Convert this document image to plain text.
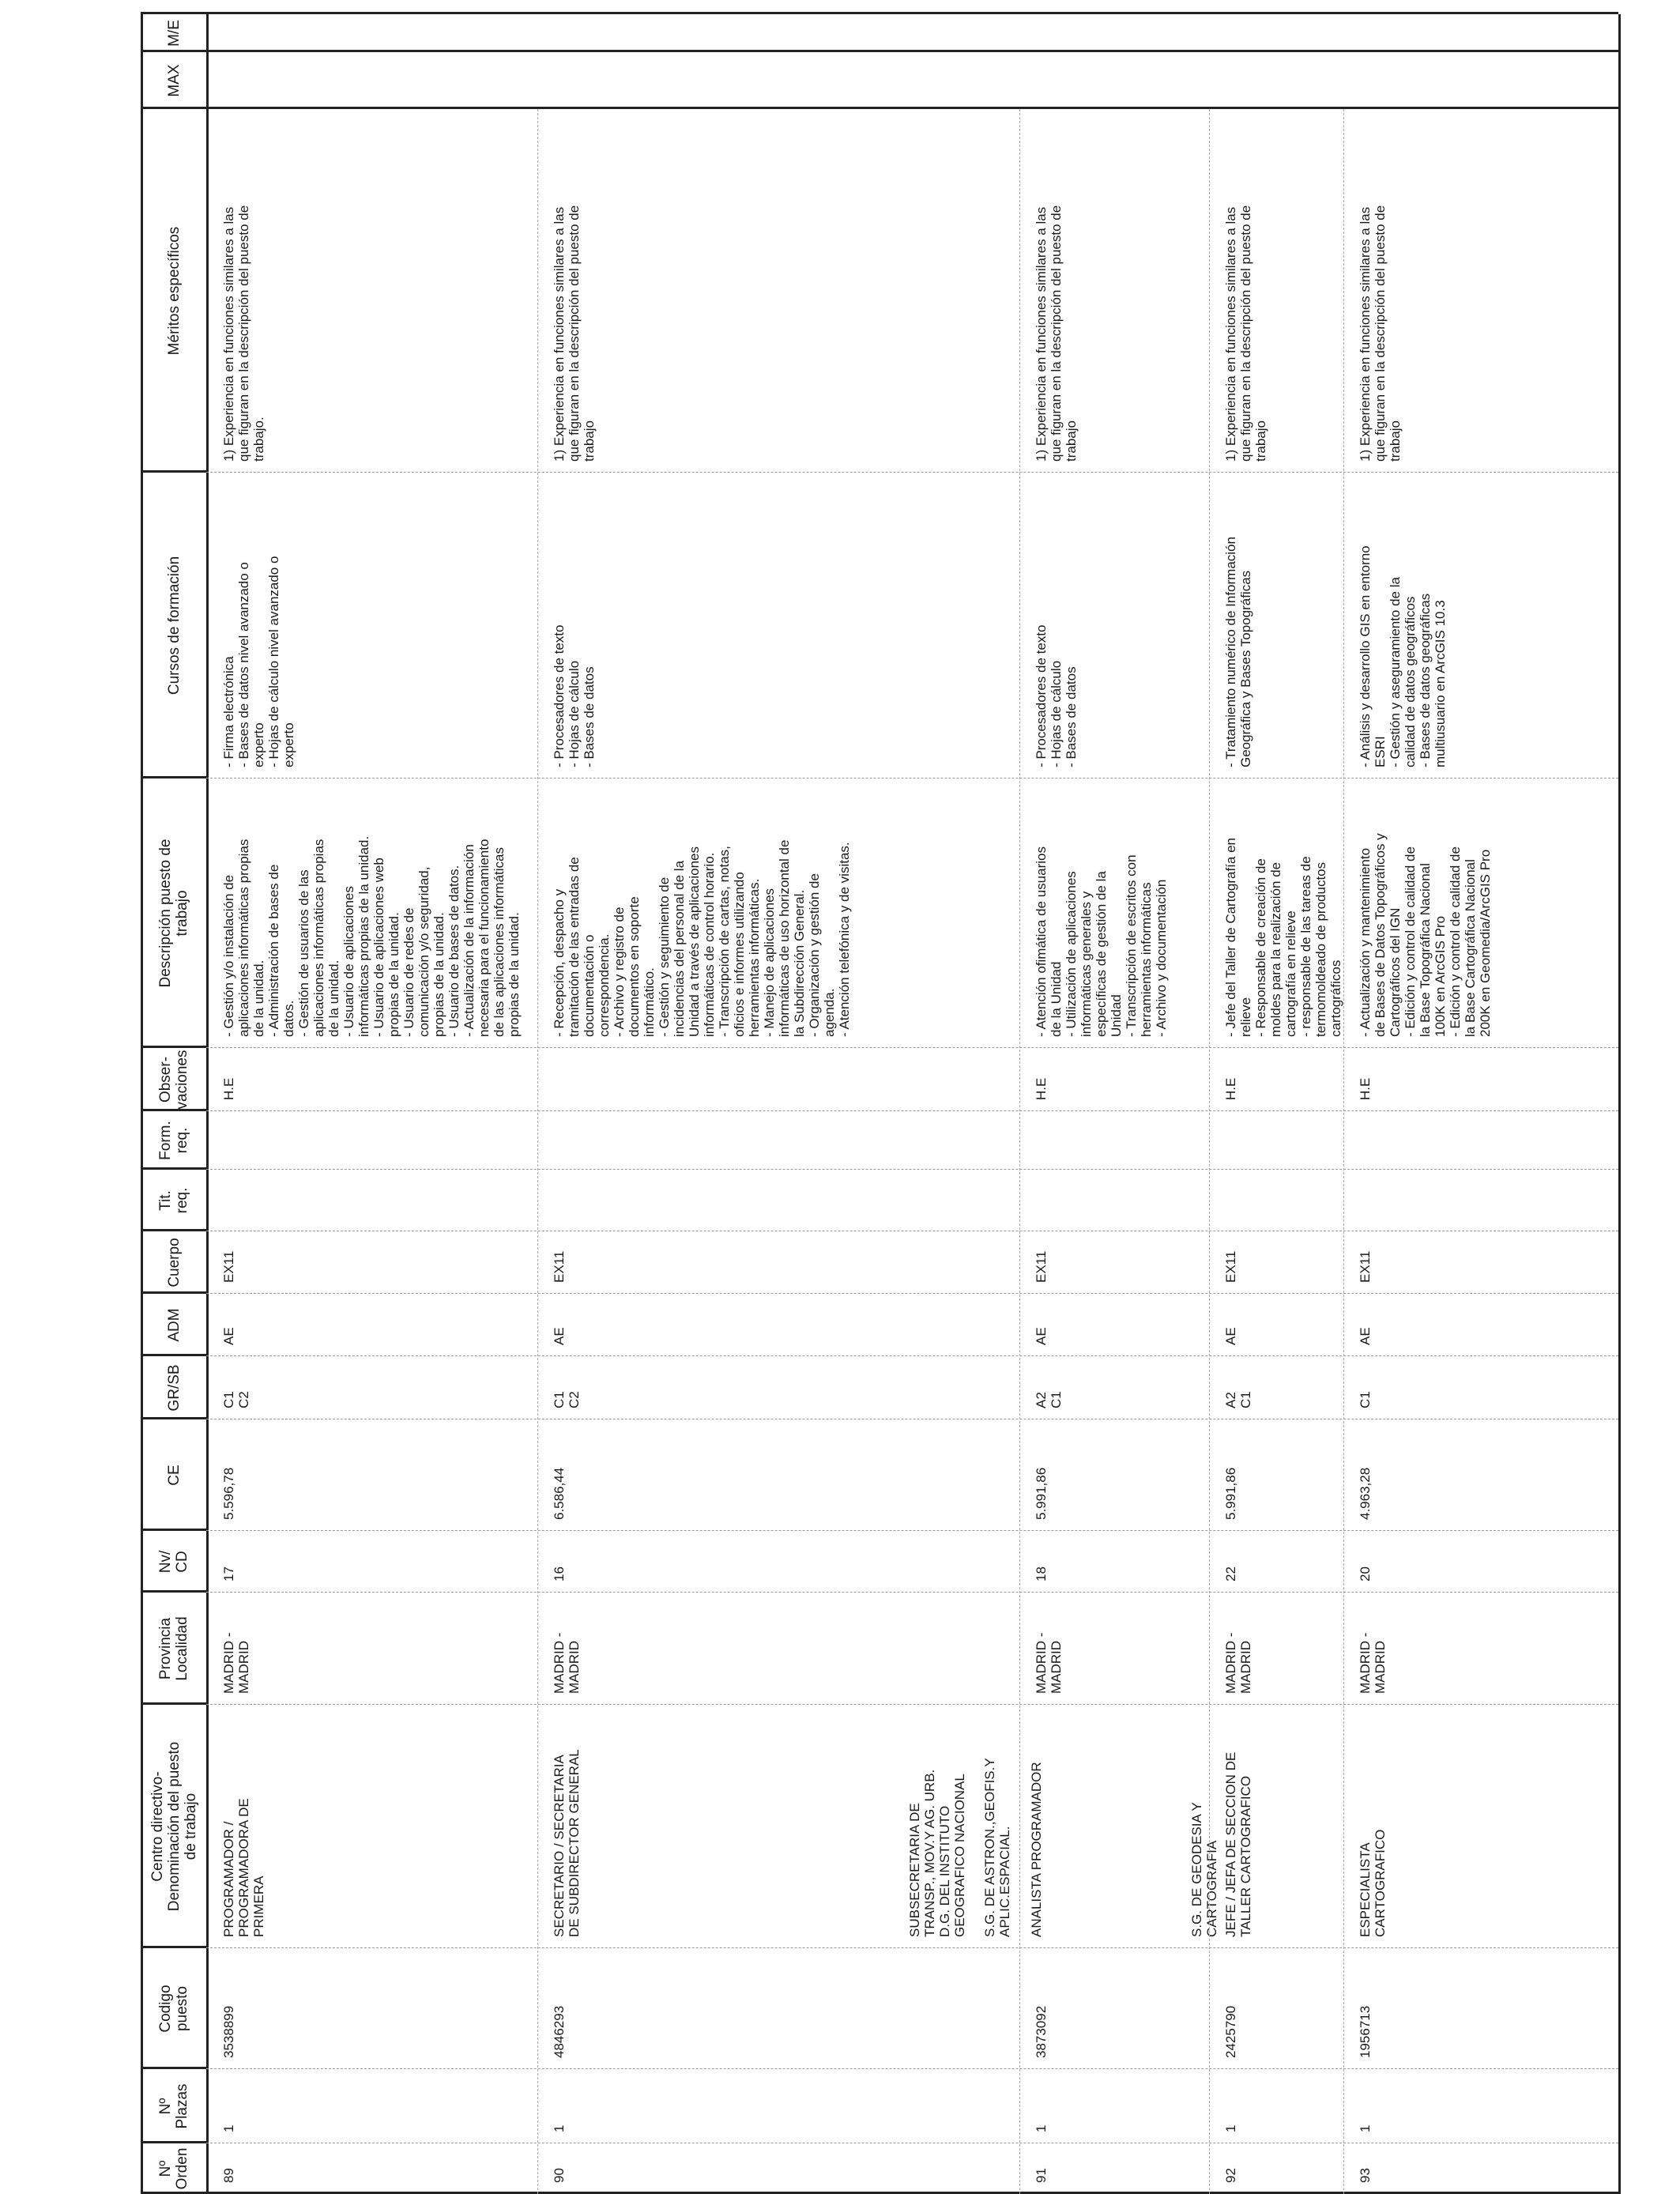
Nº
Orden
Nº
Plazas
Codigo
puesto
Centro directivo-
Denominación del puesto
de trabajo
Provincia
Localidad
Nv/
CD
CE
GR/SB
ADM
Cuerpo
Tit.
req.
Form.
req.
Obser-
vaciones
Descripción puesto de
trabajo
Cursos de formación
Méritos específicos
MAX
M/E
89
1
3538899
PROGRAMADOR /
PROGRAMADORA DE
PRIMERA
MADRID -
MADRID
17
5.596,78
C1
C2
AE
EX11
H.E
- Gestión y/o instalación de
aplicaciones informáticas propias
de la unidad.
- Administración de bases de
datos.
- Gestión de usuarios de las
aplicaciones informáticas propias
de la unidad.
- Usuario de aplicaciones
informáticas propias de la unidad.
- Usuario de aplicaciones web
propias de la unidad.
- Usuario de redes de
comunicación y/o seguridad,
propias de la unidad.
- Usuario de bases de datos.
- Actualización de la información
necesaria para el funcionamiento
de las aplicaciones informáticas
propias de la unidad.
- Firma electrónica
- Bases de datos nivel avanzado o
experto
- Hojas de cálculo nivel avanzado o
experto
1) Experiencia en funciones similares a las
que figuran en la descripción del puesto de
trabajo.
90
1
4846293
SECRETARIO / SECRETARIA
DE SUBDIRECTOR GENERAL
MADRID -
MADRID
16
6.586,44
C1
C2
AE
EX11
- Recepción, despacho y
tramitación de las entradas de
documentación o
correspondencia.
- Archivo y registro de
documentos en soporte
informático.
- Gestión y seguimiento de
incidencias del personal de la
Unidad a través de aplicaciones
informáticas de control horario.
- Transcripción de cartas, notas,
oficios e informes utilizando
herramientas informáticas.
- Manejo de aplicaciones
informáticas de uso horizontal de
la Subdirección General.
- Organización y gestión de
agenda.
- Atención telefónica y de visitas.
- Procesadores de texto
- Hojas de cálculo
- Bases de datos
1) Experiencia en funciones similares a las
que figuran en la descripción del puesto de
trabajo
91
1
3873092
ANALISTA PROGRAMADOR
MADRID -
MADRID
18
5.991,86
A2
C1
AE
EX11
H.E
- Atención ofimática de usuarios
de la Unidad
- Utilización de aplicaciones
informáticas generales y
específicas de gestión de la
Unidad
- Transcripción de escritos con
herramientas informáticas
- Archivo y documentación
- Procesadores de texto
- Hojas de cálculo
- Bases de datos
1) Experiencia en funciones similares a las
que figuran en la descripción del puesto de
trabajo
SUBSECRETARIA DE
TRANSP., MOV.Y AG. URB.
D.G. DEL INSTITUTO
GEOGRAFICO NACIONAL

S.G. DE ASTRON.,GEOFIS.Y
APLIC.ESPACIAL.
92
1
2425790
JEFE / JEFA DE SECCION DE
TALLER CARTOGRAFICO
MADRID -
MADRID
22
5.991,86
A2
C1
AE
EX11
H.E
- Jefe del Taller de Cartografía en
relieve
- Responsable de creación de
moldes para la realización de
cartografía en relieve
- responsable de las tareas de
termomoldeado de productos
cartográficos
- Tratamiento numérico de Información
Geográfica y Bases Topográficas
1) Experiencia en funciones similares a las
que figuran en la descripción del puesto de
trabajo
S.G. DE GEODESIA Y
CARTOGRAFIA
93
1
1956713
ESPECIALISTA
CARTOGRAFICO
MADRID -
MADRID
20
4.963,28
C1
AE
EX11
H.E
- Actualización y mantenimiento
de Bases de Datos Topográficos y
Cartográficos del IGN
- Edición y control de calidad de
la Base Topográfica Nacional
100K en ArcGIS Pro
- Edición y control de calidad de
la Base Cartográfica Nacional
200K en Geomedia/ArcGIS Pro
- Análisis y desarrollo GIS en entorno
ESRI
- Gestión y aseguramiento de la
calidad de datos geográficos
- Bases de datos geográficas
multiusuario en ArcGIS 10.3
1) Experiencia en funciones similares a las
que figuran en la descripción del puesto de
trabajo
